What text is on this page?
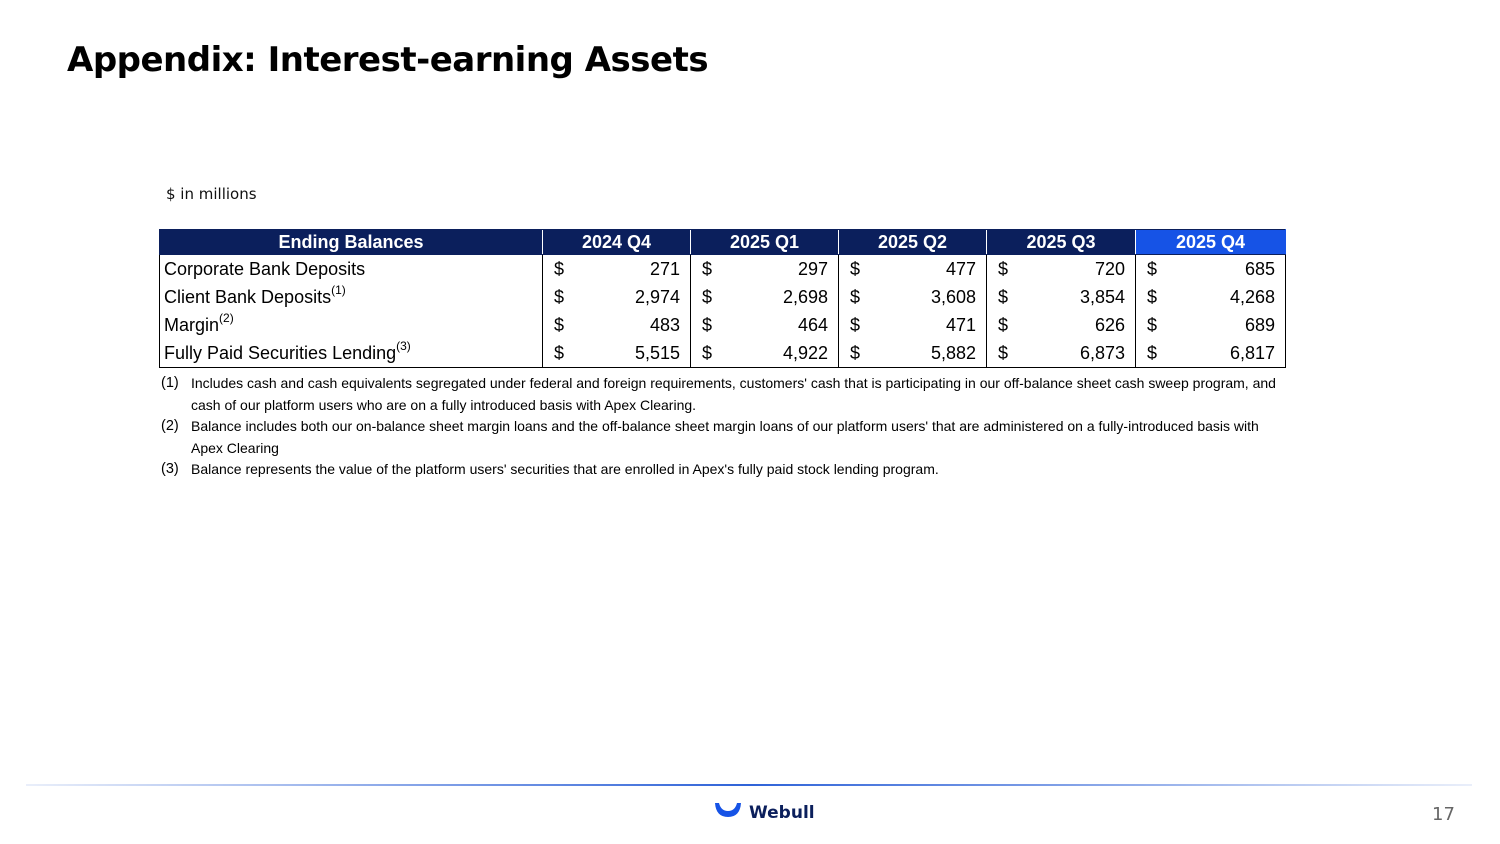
Appendix: Interest-earning Assets
$ in millions
Ending Balances	2024 Q4	2025 Q1	2025 Q2	2025 Q3	2025 Q4
Corporate Bank Deposits	$ 271	$ 297	$ 477	$ 720	$ 685

Client Bank Deposits$^{(1)}$	$ 2,974	$ 2,698	$ 3,608	$ 3,854	$ 4,268

Margin$^{(2)}$	$ 483	$ 464	$ 471	$ 626	$ 689

Fully Paid Securities Lending$^{(3)}$	$ 5,515	$ 4,922	$ 5,882	$ 6,873	$ 6,817
(1) Includes cash and cash equivalents segregated under federal and foreign requirements, customers' cash that is participating in our off-balance sheet cash sweep program, and cash of our platform users who are on a fully introduced basis with Apex Clearing.
(2) Balance includes both our on-balance sheet margin loans and the off-balance sheet margin loans of our platform users' that are administered on a fully-introduced basis with Apex Clearing
(3) Balance represents the value of the platform users' securities that are enrolled in Apex's fully paid stock lending program.
Webull	17
